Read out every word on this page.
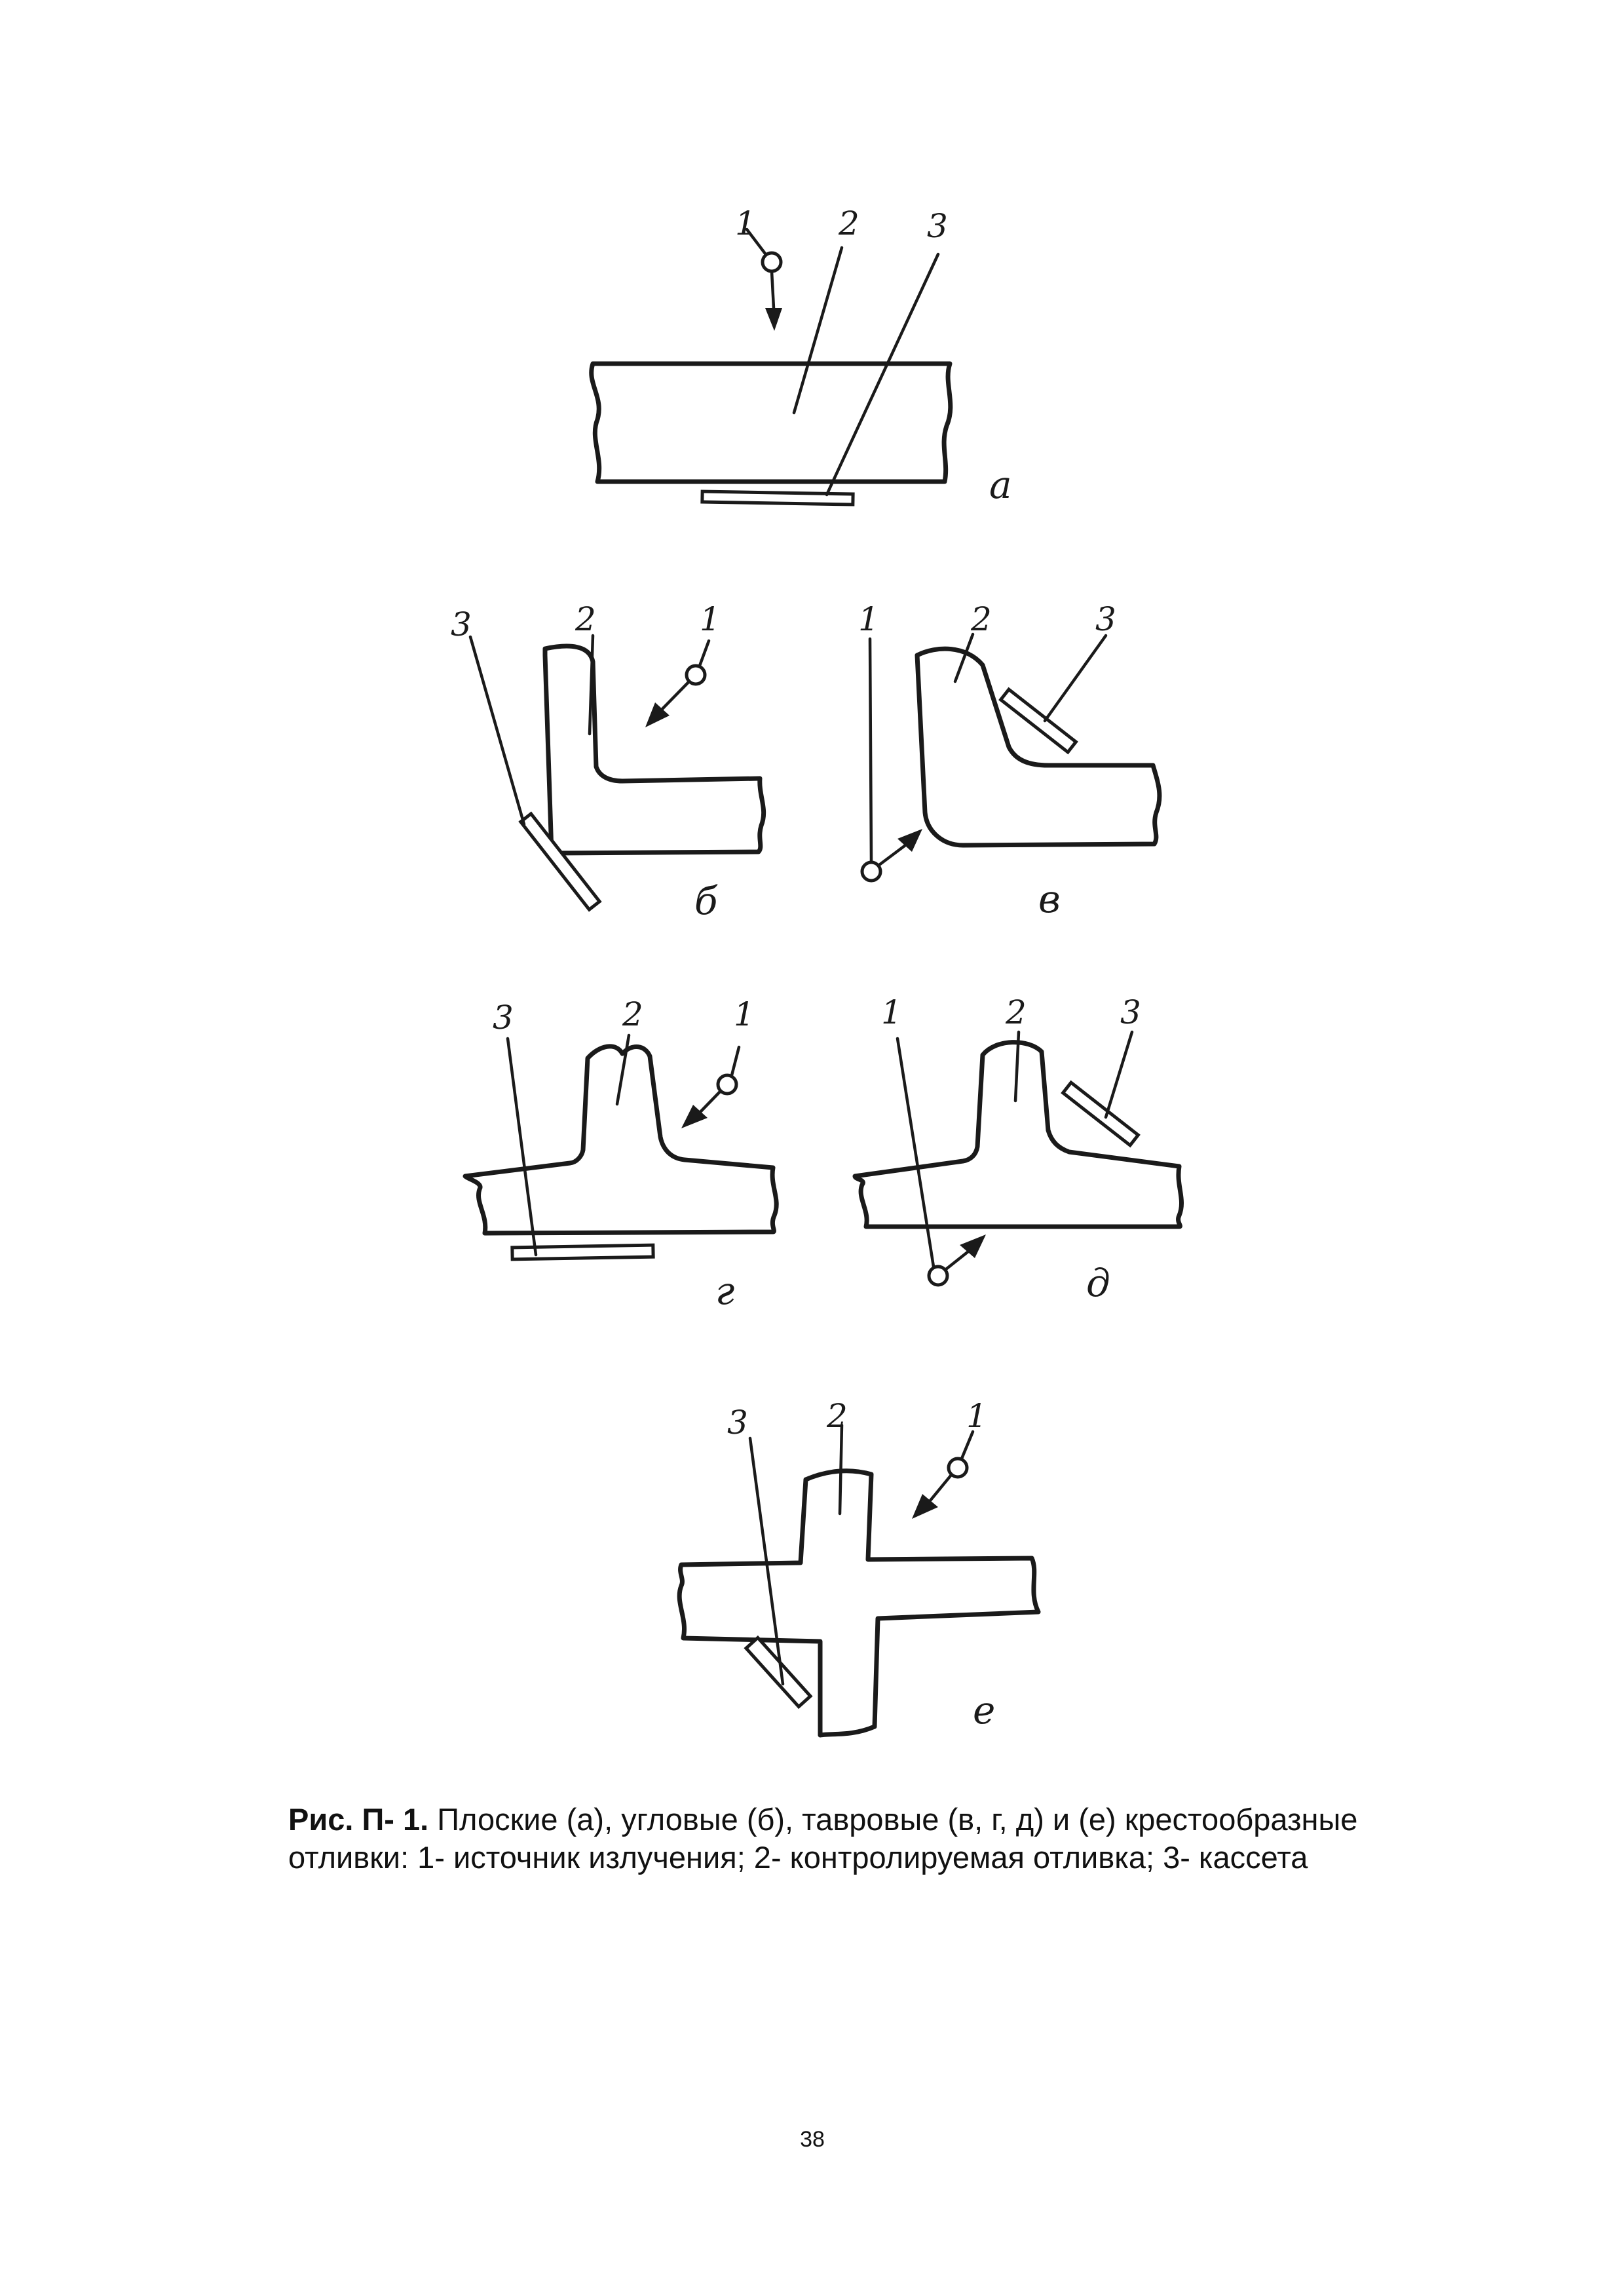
1	2 3
а
3	2	1
б
1	2	3
в
3	2	1
г
1	2	3
д
3 2	1
е
Рис. П- 1. Плоские (а), угловые (б), тавровые (в, г, д) и (е) крестообразные отливки: 1- источник излучения; 2- контролируемая отливка; 3- кассета
38
